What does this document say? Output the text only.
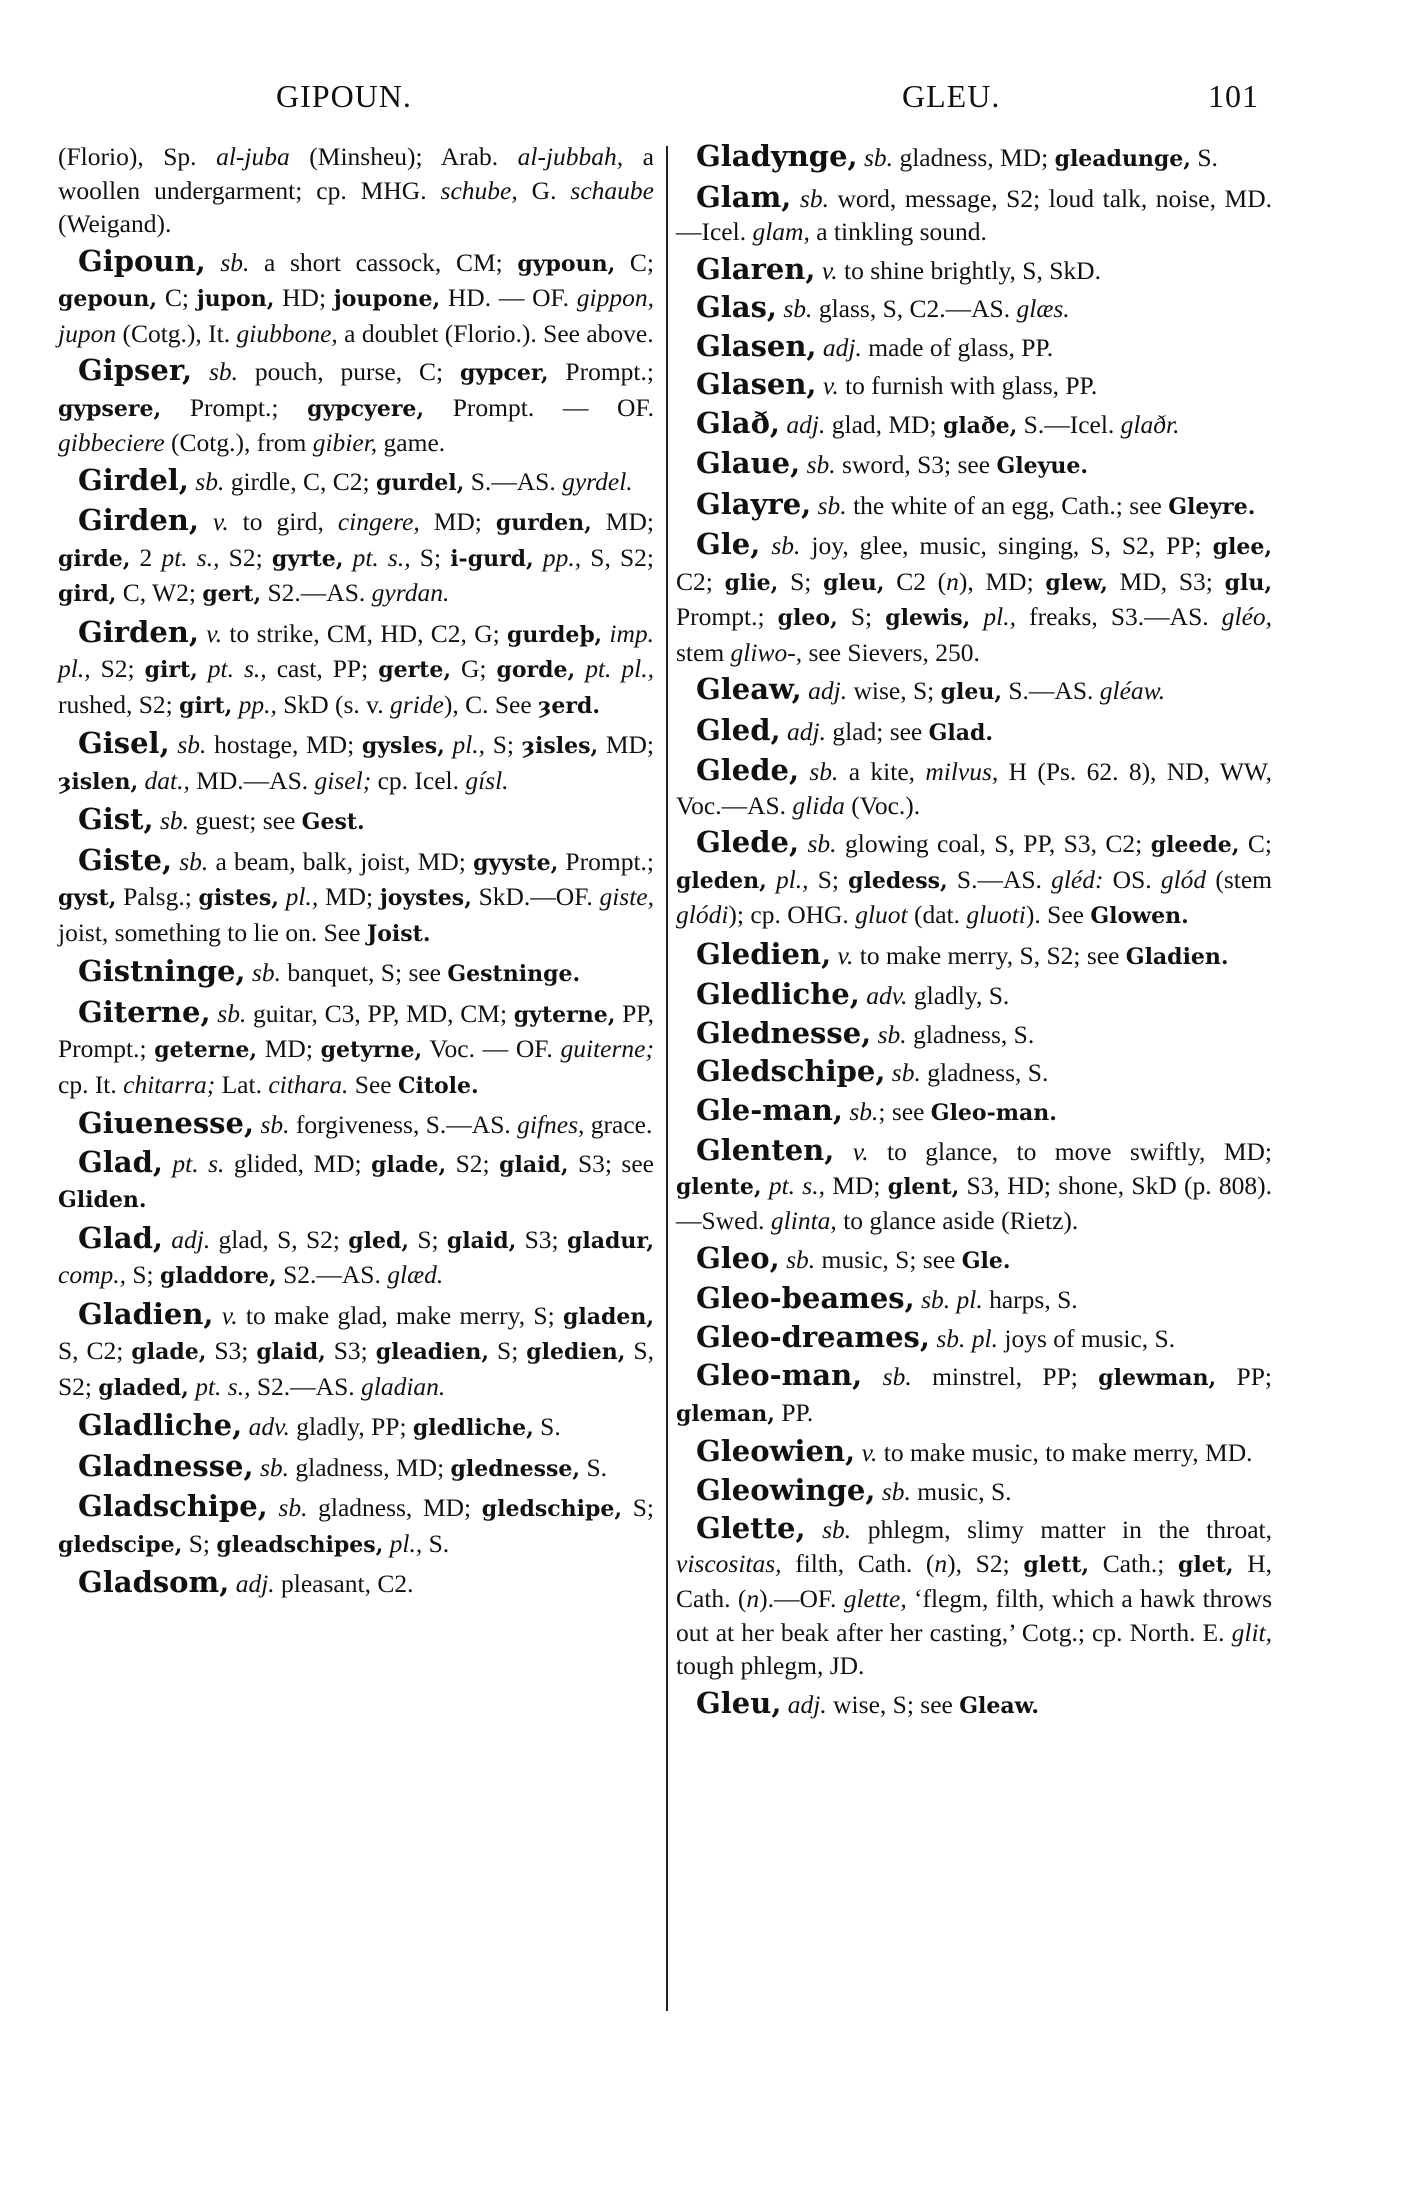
GIPOUN.	GLEU.	101

(Florio), Sp. al-juba (Minsheu); Arab. al-jubbah, a woollen undergarment; cp. MHG. schube, G. schaube (Weigand).

Gipoun, sb. a short cassock, CM; gypoun, C; gepoun, C; jupon, HD; joupone, HD. — OF. gippon, jupon (Cotg.), It. giubbone, a doublet (Florio.). See above.

Gipser, sb. pouch, purse, C; gypcer, Prompt.; gypsere, Prompt.; gypcyere, Prompt. — OF. gibbeciere (Cotg.), from gibier, game.

Girdel, sb. girdle, C, C2; gurdel, S.—AS. gyrdel.

Girden, v. to gird, cingere, MD; gurden, MD; girde, 2 pt. s., S2; gyrte, pt. s., S; i-gurd, pp., S, S2; gird, C, W2; gert, S2.—AS. gyrdan.

Girden, v. to strike, CM, HD, C2, G; gurdeþ, imp. pl., S2; girt, pt. s., cast, PP; gerte, G; gorde, pt. pl., rushed, S2; girt, pp., SkD (s. v. gride), C. See ȝerd.

Gisel, sb. hostage, MD; gysles, pl., S; ȝisles, MD; ȝislen, dat., MD.—AS. gisel; cp. Icel. gísl.

Gist, sb. guest; see Gest.

Giste, sb. a beam, balk, joist, MD; gyyste, Prompt.; gyst, Palsg.; gistes, pl., MD; joystes, SkD.—OF. giste, joist, something to lie on. See Joist.

Gistninge, sb. banquet, S; see Gestninge.

Giterne, sb. guitar, C3, PP, MD, CM; gyterne, PP, Prompt.; geterne, MD; getyrne, Voc. — OF. guiterne; cp. It. chitarra; Lat. cithara. See Citole.

Giuenesse, sb. forgiveness, S.—AS. gifnes, grace.

Glad, pt. s. glided, MD; glade, S2; glaid, S3; see Gliden.

Glad, adj. glad, S, S2; gled, S; glaid, S3; gladur, comp., S; gladdore, S2.—AS. glæd.

Gladien, v. to make glad, make merry, S; gladen, S, C2; glade, S3; glaid, S3; gleadien, S; gledien, S, S2; gladed, pt. s., S2.—AS. gladian.

Gladliche, adv. gladly, PP; gledliche, S.

Gladnesse, sb. gladness, MD; glednesse, S.

Gladschipe, sb. gladness, MD; gledschipe, S; gledscipe, S; gleadschipes, pl., S.

Gladsom, adj. pleasant, C2.

Gladynge, sb. gladness, MD; gleadunge, S.

Glam, sb. word, message, S2; loud talk, noise, MD.—Icel. glam, a tinkling sound.

Glaren, v. to shine brightly, S, SkD.

Glas, sb. glass, S, C2.—AS. glæs.

Glasen, adj. made of glass, PP.

Glasen, v. to furnish with glass, PP.

Glað, adj. glad, MD; glaðe, S.—Icel. glaðr.

Glaue, sb. sword, S3; see Gleyue.

Glayre, sb. the white of an egg, Cath.; see Gleyre.

Gle, sb. joy, glee, music, singing, S, S2, PP; glee, C2; glie, S; gleu, C2 (n), MD; glew, MD, S3; glu, Prompt.; gleo, S; glewis, pl., freaks, S3.—AS. gléo, stem gliwo-, see Sievers, 250.

Gleaw, adj. wise, S; gleu, S.—AS. gléaw.

Gled, adj. glad; see Glad.

Glede, sb. a kite, milvus, H (Ps. 62. 8), ND, WW, Voc.—AS. glida (Voc.).

Glede, sb. glowing coal, S, PP, S3, C2; gleede, C; gleden, pl., S; gledess, S.—AS. gléd: OS. glód (stem glódi); cp. OHG. gluot (dat. gluoti). See Glowen.

Gledien, v. to make merry, S, S2; see Gladien.

Gledliche, adv. gladly, S.

Glednesse, sb. gladness, S.

Gledschipe, sb. gladness, S.

Gle-man, sb.; see Gleo-man.

Glenten, v. to glance, to move swiftly, MD; glente, pt. s., MD; glent, S3, HD; shone, SkD (p. 808).—Swed. glinta, to glance aside (Rietz).

Gleo, sb. music, S; see Gle.

Gleo-beames, sb. pl. harps, S.

Gleo-dreames, sb. pl. joys of music, S.

Gleo-man, sb. minstrel, PP; glewman, PP; gleman, PP.

Gleowien, v. to make music, to make merry, MD.

Gleowinge, sb. music, S.

Glette, sb. phlegm, slimy matter in the throat, viscositas, filth, Cath. (n), S2; glett, Cath.; glet, H, Cath. (n).—OF. glette, ‘flegm, filth, which a hawk throws out at her beak after her casting,’ Cotg.; cp. North. E. glit, tough phlegm, JD.

Gleu, adj. wise, S; see Gleaw.
